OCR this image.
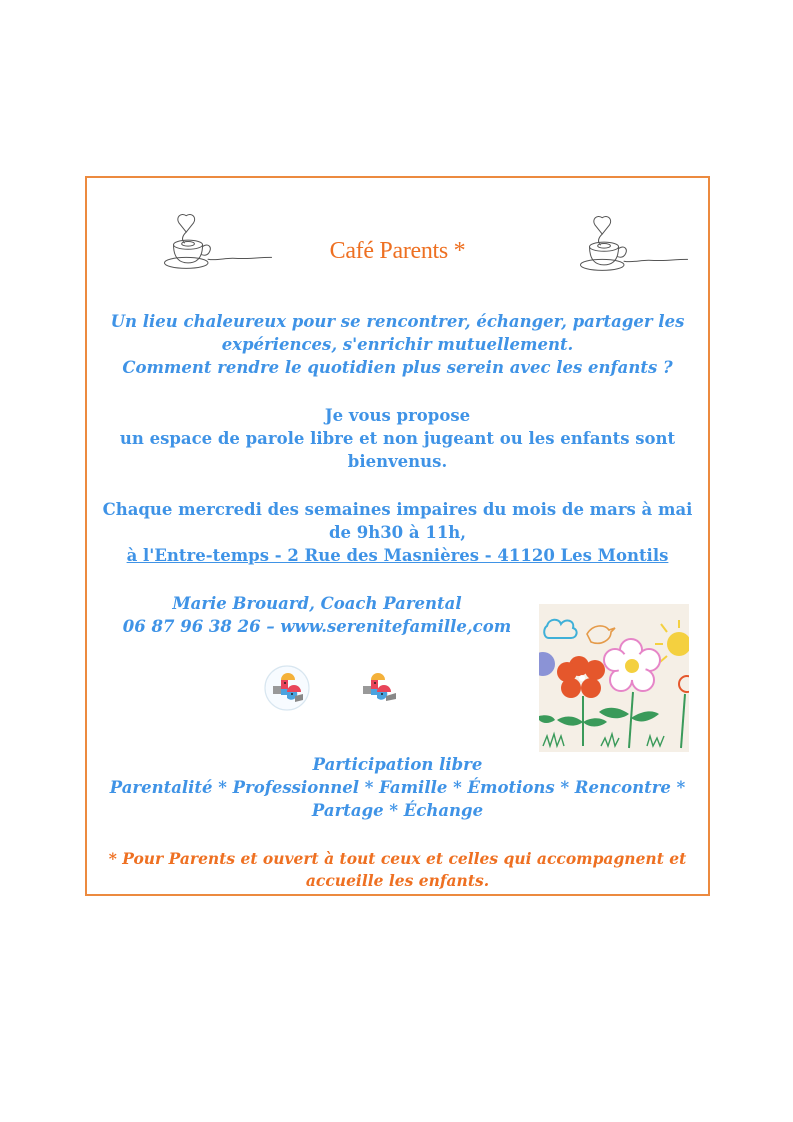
Café Parents *
Un lieu chaleureux pour se rencontrer, échanger, partager les
expériences, s'enrichir mutuellement.
Comment rendre le quotidien plus serein avec les enfants ?
Je vous propose
un espace de parole libre et non jugeant ou les enfants sont
bienvenus.
Chaque mercredi des semaines impaires du mois de mars à mai
de 9h30 à 11h,
à l'Entre-temps - 2 Rue des Masnières - 41120 Les Montils
Marie Brouard, Coach Parental
06 87 96 38 26 – www.serenitefamille,com
Participation libre
Parentalité * Professionnel * Famille * Émotions * Rencontre *
Partage * Échange
* Pour Parents et ouvert à tout ceux et celles qui accompagnent et
accueille les enfants.
